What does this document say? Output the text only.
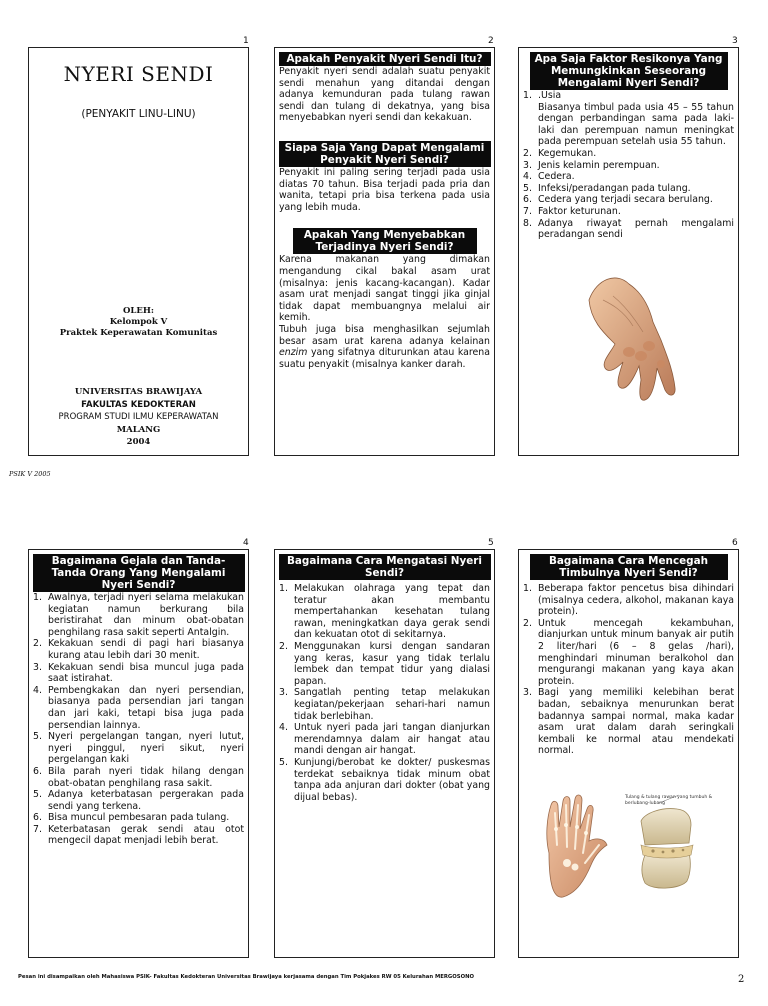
1	2	3
4	5	6
NYERI SENDI
(PENYAKIT LINU-LINU)
OLEH:
Kelompok V
Praktek Keperawatan Komunitas
UNIVERSITAS BRAWIJAYA
FAKULTAS KEDOKTERAN
PROGRAM STUDI ILMU KEPERAWATAN
MALANG
2004
Apakah Penyakit Nyeri Sendi Itu?
Penyakit nyeri sendi adalah suatu penyakit sendi menahun yang ditandai dengan adanya kemunduran pada tulang rawan sendi dan tulang di dekatnya, yang bisa menyebabkan nyeri sendi dan kekakuan.
Siapa Saja Yang Dapat Mengalami Penyakit Nyeri Sendi?
Penyakit ini paling sering terjadi pada usia diatas 70 tahun. Bisa terjadi pada pria dan wanita, tetapi pria bisa terkena pada usia yang lebih muda.
Apakah Yang Menyebabkan Terjadinya Nyeri Sendi?
Karena makanan yang dimakan mengandung cikal bakal asam urat (misalnya: jenis kacang-kacangan). Kadar asam urat menjadi sangat tinggi jika ginjal tidak dapat membuangnya melalui air kemih.
Tubuh juga bisa menghasilkan sejumlah besar asam urat karena adanya kelainan enzim yang sifatnya diturunkan atau karena suatu penyakit (misalnya kanker darah.
Apa Saja Faktor Resikonya Yang Memungkinkan Seseorang Mengalami Nyeri Sendi?
1. .Usia
Biasanya timbul pada usia 45 – 55 tahun dengan perbandingan sama pada laki-laki dan perempuan namun meningkat pada perempuan setelah usia 55 tahun.
2. Kegemukan.
3. Jenis kelamin perempuan.
4. Cedera.
5. Infeksi/peradangan pada tulang.
6. Cedera yang terjadi secara berulang.
7. Faktor keturunan.
8. Adanya riwayat pernah mengalami peradangan sendi
PSIK V 2005
Bagaimana Gejala dan Tanda-Tanda Orang Yang Mengalami Nyeri Sendi?
1. Awalnya, terjadi nyeri selama melakukan kegiatan namun berkurang bila beristirahat dan minum obat-obatan penghilang rasa sakit seperti Antalgin.
2. Kekakuan sendi di pagi hari biasanya kurang atau lebih dari 30 menit.
3. Kekakuan sendi bisa muncul juga pada saat istirahat.
4. Pembengkakan dan nyeri persendian, biasanya pada persendian jari tangan dan jari kaki, tetapi bisa juga pada persendian lainnya.
5. Nyeri pergelangan tangan, nyeri lutut, nyeri pinggul, nyeri sikut, nyeri pergelangan kaki
6. Bila parah nyeri tidak hilang dengan obat-obatan penghilang rasa sakit.
5. Adanya keterbatasan pergerakan pada sendi yang terkena.
6. Bisa muncul pembesaran pada tulang.
7. Keterbatasan gerak sendi atau otot mengecil dapat menjadi lebih berat.
Bagaimana Cara Mengatasi Nyeri Sendi?
1. Melakukan olahraga yang tepat dan teratur akan membantu mempertahankan kesehatan tulang rawan, meningkatkan daya gerak sendi dan kekuatan otot di sekitarnya.
2. Menggunakan kursi dengan sandaran yang keras, kasur yang tidak terlalu lembek dan tempat tidur yang dialasi papan.
3. Sangatlah penting tetap melakukan kegiatan/pekerjaan sehari-hari namun tidak berlebihan.
4. Untuk nyeri pada jari tangan dianjurkan merendamnya dalam air hangat atau mandi dengan air hangat.
5. Kunjungi/berobat ke dokter/ puskesmas terdekat sebaiknya tidak minum obat tanpa ada anjuran dari dokter (obat yang dijual bebas).
Bagaimana Cara Mencegah Timbulnya Nyeri Sendi?
1. Beberapa faktor pencetus bisa dihindari (misalnya cedera, alkohol, makanan kaya protein).
2. Untuk mencegah kekambuhan, dianjurkan untuk minum banyak air putih 2 liter/hari (6 – 8 gelas /hari), menghindari minuman beralkohol dan mengurangi makanan yang kaya akan protein.
3. Bagi yang memiliki kelebihan berat badan, sebaiknya menurunkan berat badannya sampai normal, maka kadar asam urat dalam darah seringkali kembali ke normal atau mendekati normal.
Tulang & tulang rawan yang tumbuh &
berlubang-lubang
Pesan ini disampaikan oleh Mahasiswa PSIK- Fakultas Kedokteran Universitas Brawijaya kerjasama dengan Tim Pokjakes RW 05 Kelurahan MERGOSONO	2
